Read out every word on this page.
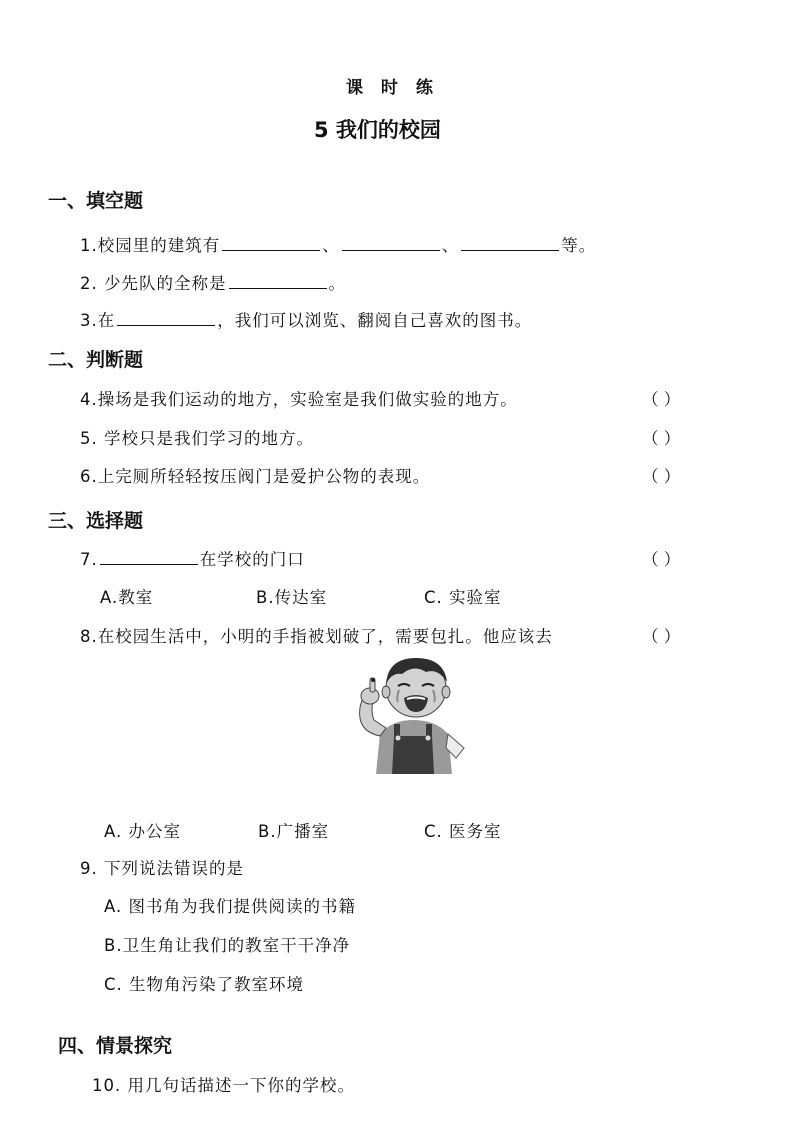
课 时 练
5 我们的校园
一、填空题
1.校园里的建筑有	、	、	等。
2. 少先队的全称是	。
3.在	，我们可以浏览、翻阅自己喜欢的图书。
二、判断题
4.操场是我们运动的地方，实验室是我们做实验的地方。	（ ）
5. 学校只是我们学习的地方。	（ ）
6.上完厕所轻轻按压阀门是爱护公物的表现。	（ ）
三、选择题
7.	在学校的门口	（ ）
A.教室	B.传达室	C. 实验室
8.在校园生活中，小明的手指被划破了，需要包扎。他应该去	（ ）
A. 办公室	B.广播室	C. 医务室
9. 下列说法错误的是
A. 图书角为我们提供阅读的书籍
B.卫生角让我们的教室干干净净
C. 生物角污染了教室环境
四、情景探究
10. 用几句话描述一下你的学校。
